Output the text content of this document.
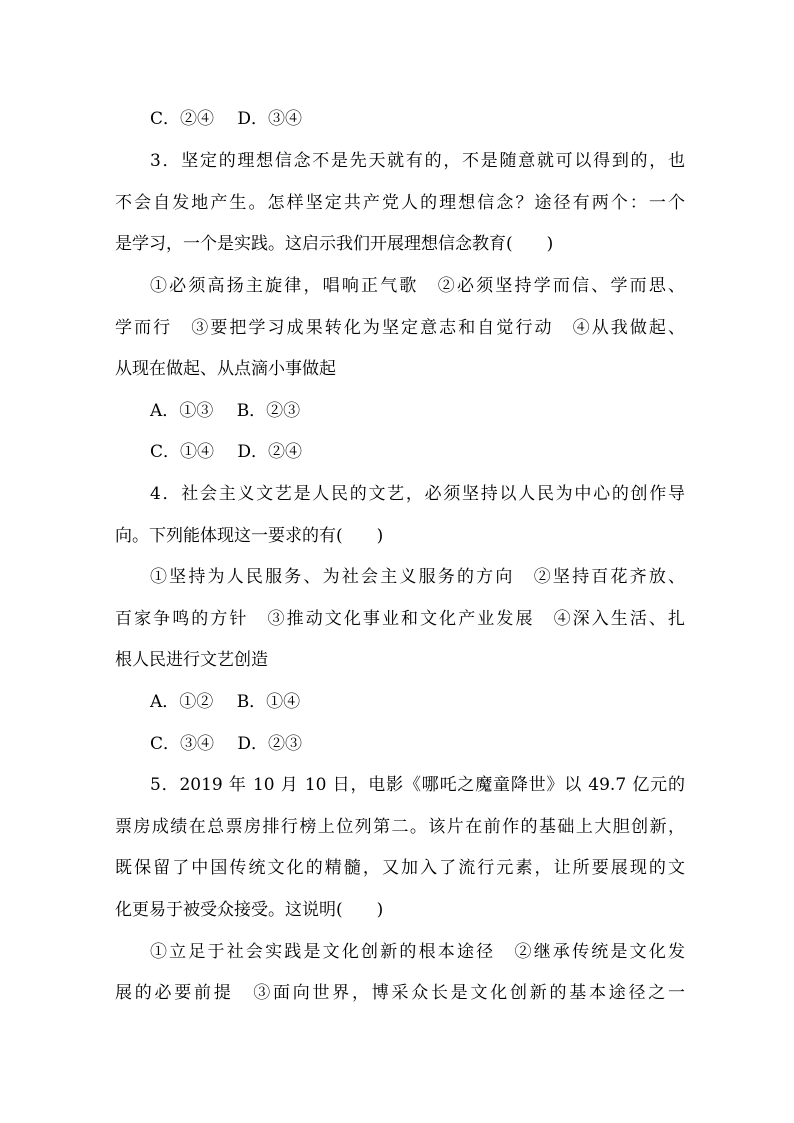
C．②④ D．③④
3．坚定的理想信念不是先天就有的，不是随意就可以得到的，也
不会自发地产生。怎样坚定共产党人的理想信念？途径有两个：一个
是学习，一个是实践。这启示我们开展理想信念教育(　　)
①必须高扬主旋律，唱响正气歌　②必须坚持学而信、学而思、
学而行　③要把学习成果转化为坚定意志和自觉行动　④从我做起、
从现在做起、从点滴小事做起
A．①③ B．②③
C．①④ D．②④
4．社会主义文艺是人民的文艺，必须坚持以人民为中心的创作导
向。下列能体现这一要求的有(　　)
①坚持为人民服务、为社会主义服务的方向　②坚持百花齐放、
百家争鸣的方针　③推动文化事业和文化产业发展　④深入生活、扎
根人民进行文艺创造
A．①② B．①④
C．③④ D．②③
5．2019 年 10 月 10 日，电影《哪吒之魔童降世》以 49.7 亿元的
票房成绩在总票房排行榜上位列第二。该片在前作的基础上大胆创新，
既保留了中国传统文化的精髓，又加入了流行元素，让所要展现的文
化更易于被受众接受。这说明(　　)
①立足于社会实践是文化创新的根本途径　②继承传统是文化发
展的必要前提　③面向世界，博采众长是文化创新的基本途径之一
